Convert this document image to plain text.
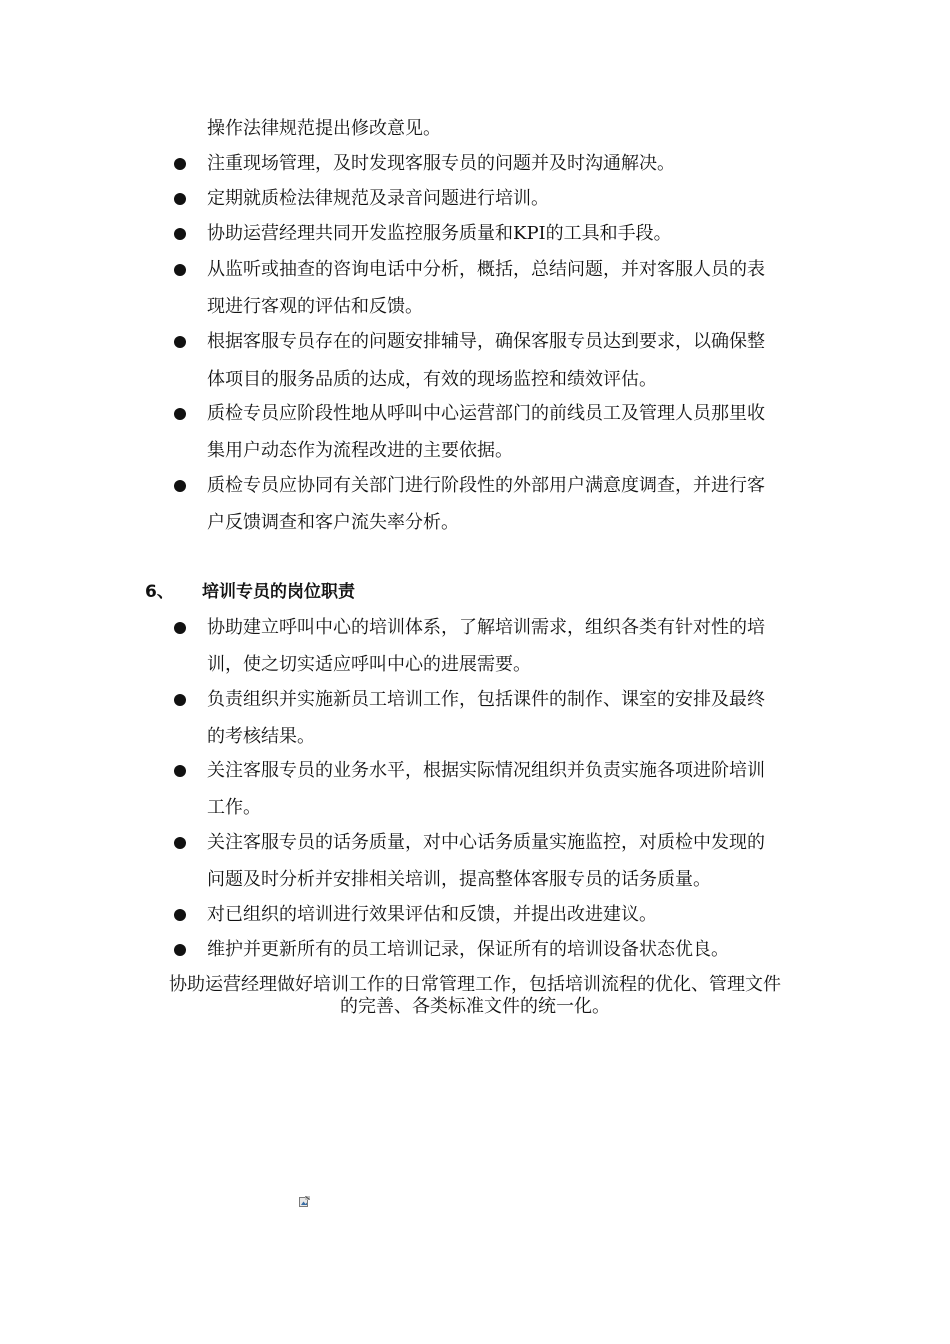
操作法律规范提出修改意见。
注重现场管理，及时发现客服专员的问题并及时沟通解决。
定期就质检法律规范及录音问题进行培训。
协助运营经理共同开发监控服务质量和KPI的工具和手段。
从监听或抽查的咨询电话中分析，概括，总结问题，并对客服人员的表
现进行客观的评估和反馈。
根据客服专员存在的问题安排辅导，确保客服专员达到要求，以确保整
体项目的服务品质的达成，有效的现场监控和绩效评估。
质检专员应阶段性地从呼叫中心运营部门的前线员工及管理人员那里收
集用户动态作为流程改进的主要依据。
质检专员应协同有关部门进行阶段性的外部用户满意度调查，并进行客
户反馈调查和客户流失率分析。
6、 培训专员的岗位职责
协助建立呼叫中心的培训体系，了解培训需求，组织各类有针对性的培
训，使之切实适应呼叫中心的进展需要。
负责组织并实施新员工培训工作，包括课件的制作、课室的安排及最终
的考核结果。
关注客服专员的业务水平，根据实际情况组织并负责实施各项进阶培训
工作。
关注客服专员的话务质量，对中心话务质量实施监控，对质检中发现的
问题及时分析并安排相关培训，提高整体客服专员的话务质量。
对已组织的培训进行效果评估和反馈，并提出改进建议。
维护并更新所有的员工培训记录，保证所有的培训设备状态优良。
协助运营经理做好培训工作的日常管理工作，包括培训流程的优化、管理文件
的完善、各类标准文件的统一化。
